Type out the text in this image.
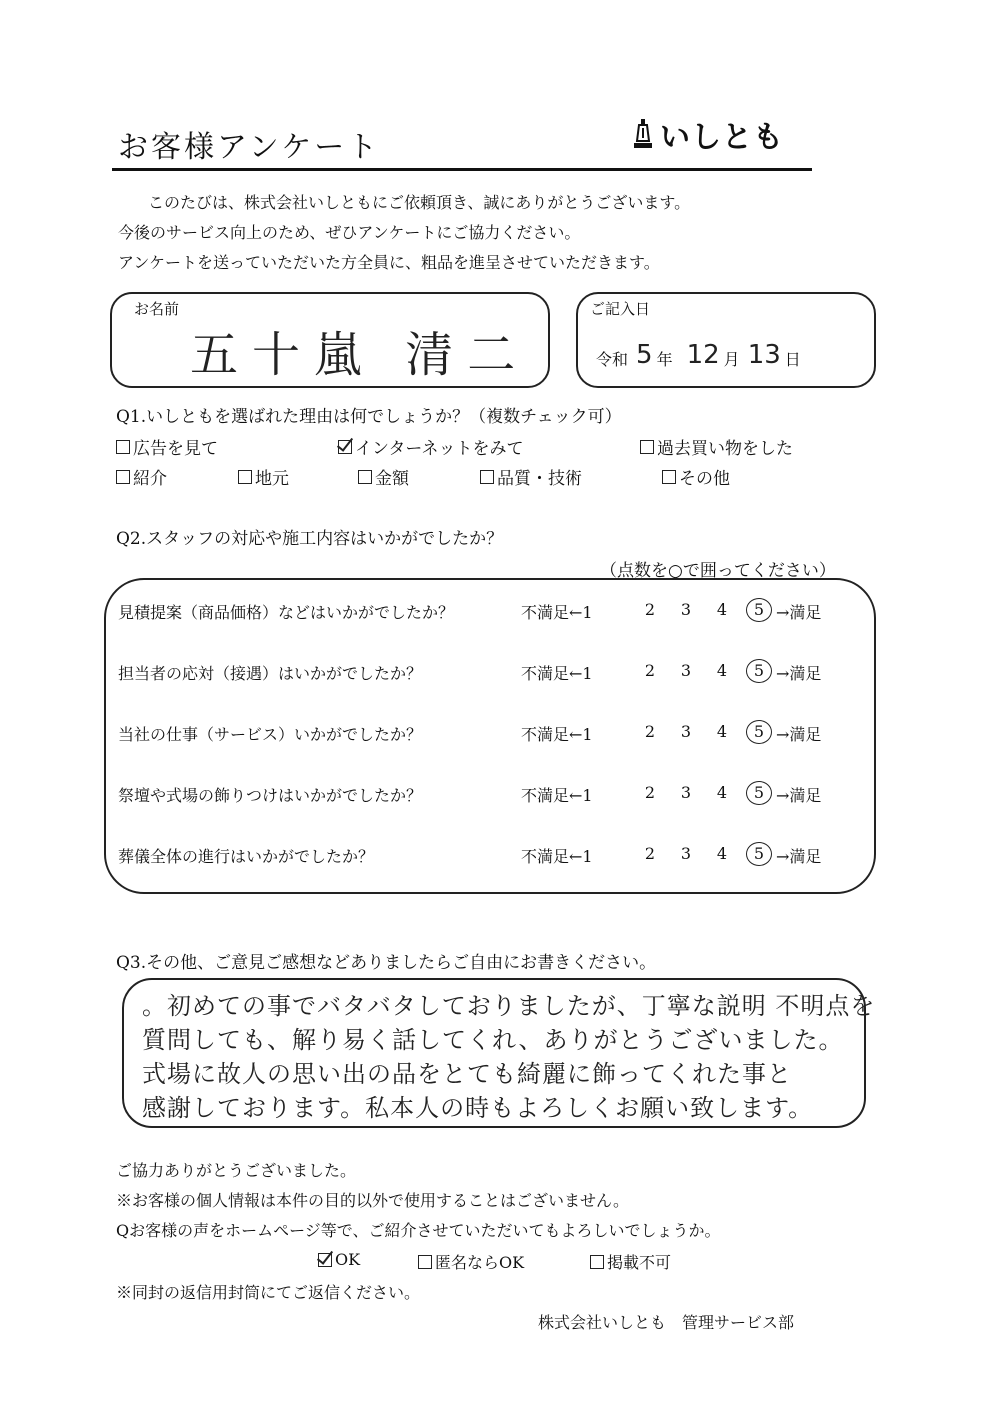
お客様アンケート	いしとも
このたびは、株式会社いしともにご依頼頂き、誠にありがとうございます。
今後のサービス向上のため、ぜひアンケートにご協力ください。
アンケートを送っていただいた方全員に、粗品を進呈させていただきます。
お名前
五十嵐 清二
ご記入日
令和 5 年 12 月 13 日
Q1.いしともを選ばれた理由は何でしょうか？（複数チェック可）
広告を見て	インターネットをみて	過去買い物をした
紹介	地元	金額	品質・技術	その他
Q2.スタッフの対応や施工内容はいかがでしたか？
（点数を○で囲ってください）
見積提案（商品価格）などはいかがでしたか？	不満足←1	2	3	4	5 →満足
担当者の応対（接遇）はいかがでしたか？	不満足←1	2	3	4	5 →満足
当社の仕事（サービス）いかがでしたか？	不満足←1	2	3	4	5 →満足
祭壇や式場の飾りつけはいかがでしたか？	不満足←1	2	3	4	5 →満足
葬儀全体の進行はいかがでしたか？	不満足←1	2	3	4	5 →満足
Q3.その他、ご意見ご感想などありましたらご自由にお書きください。
。初めての事でバタバタしておりましたが、丁寧な説明 不明点を
質問しても、解り易く話してくれ、ありがとうございました。
式場に故人の思い出の品をとても綺麗に飾ってくれた事と
感謝しております。私本人の時もよろしくお願い致します。
ご協力ありがとうございました。
※お客様の個人情報は本件の目的以外で使用することはございません。
Qお客様の声をホームページ等で、ご紹介させていただいてもよろしいでしょうか。
OK	匿名ならOK	掲載不可
※同封の返信用封筒にてご返信ください。
株式会社いしとも　管理サービス部
